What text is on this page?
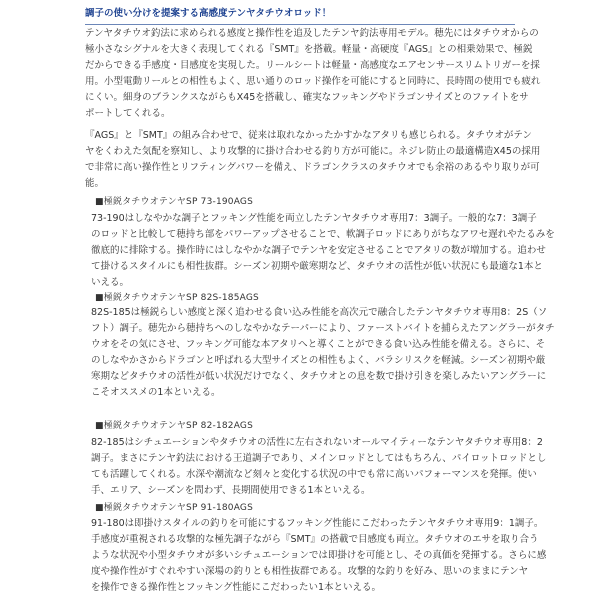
調子の使い分けを提案する高感度テンヤタチウオロッド！
テンヤタチウオ釣法に求められる感度と操作性を追及したテンヤ釣法専用モデル。穂先にはタチウオからの
極小さなシグナルを大きく表現してくれる『SMT』を搭載。軽量・高硬度『AGS』との相乗効果で、極鋭
だからできる手感度・目感度を実現した。リールシートは軽量・高感度なエアセンサースリムトリガーを採
用。小型電動リールとの相性もよく、思い通りのロッド操作を可能にすると同時に、長時間の使用でも疲れ
にくい。細身のブランクスながらもX45を搭載し、確実なフッキングやドラゴンサイズとのファイトをサ
ポートしてくれる。
『AGS』と『SMT』の組み合わせで、従来は取れなかったかすかなアタリも感じられる。タチウオがテン
ヤをくわえた気配を察知し、より攻撃的に掛け合わせる釣り方が可能に。ネジレ防止の最適構造X45の採用
で非常に高い操作性とリフティングパワーを備え、ドラゴンクラスのタチウオでも余裕のあるやり取りが可
能。
■極鋭タチウオテンヤSP 73-190AGS
73-190はしなやかな調子とフッキング性能を両立したテンヤタチウオ専用7：3調子。一般的な7：3調子
のロッドと比較して穂持ち部をパワーアップさせることで、軟調子ロッドにありがちなアワセ遅れやたるみを
徹底的に排除する。操作時にはしなやかな調子でテンヤを安定させることでアタリの数が増加する。追わせ
て掛けるスタイルにも相性抜群。シーズン初期や厳寒期など、タチウオの活性が低い状況にも最適な1本と
いえる。
■極鋭タチウオテンヤSP 82S-185AGS
82S-185は極鋭らしい感度と深く追わせる食い込み性能を高次元で融合したテンヤタチウオ専用8：2S（ソ
フト）調子。穂先から穂持ちへのしなやかなテーパーにより、ファーストバイトを捕らえたアングラーがタチ
ウオをその気にさせ、フッキング可能な本アタリへと導くことができる食い込み性能を備える。さらに、そ
のしなやかさからドラゴンと呼ばれる大型サイズとの相性もよく、バラシリスクを軽減。シーズン初期や厳
寒期などタチウオの活性が低い状況だけでなく、タチウオとの息を数で掛け引きを楽しみたいアングラーに
こそオススメの1本といえる。
■極鋭タチウオテンヤSP 82-182AGS
82-185はシチュエーションやタチウオの活性に左右されないオールマイティーなテンヤタチウオ専用8：2
調子。まさにテンヤ釣法における王道調子であり、メインロッドとしてはもちろん、パイロットロッドとし
ても活躍してくれる。水深や潮流など刻々と変化する状況の中でも常に高いパフォーマンスを発揮。使い
手、エリア、シーズンを問わず、長期間使用できる1本といえる。
■極鋭タチウオテンヤSP 91-180AGS
91-180は即掛けスタイルの釣りを可能にするフッキング性能にこだわったテンヤタチウオ専用9：1調子。
手感度が重視される攻撃的な極先調子ながら『SMT』の搭載で目感度も両立。タチウオのエサを取り合う
ような状況や小型タチウオが多いシチュエーションでは即掛けを可能とし、その真価を発揮する。さらに感
度や操作性がすぐれやすい深場の釣りとも相性抜群である。攻撃的な釣りを好み、思いのままにテンヤ
を操作できる操作性とフッキング性能にこだわったい1本といえる。
